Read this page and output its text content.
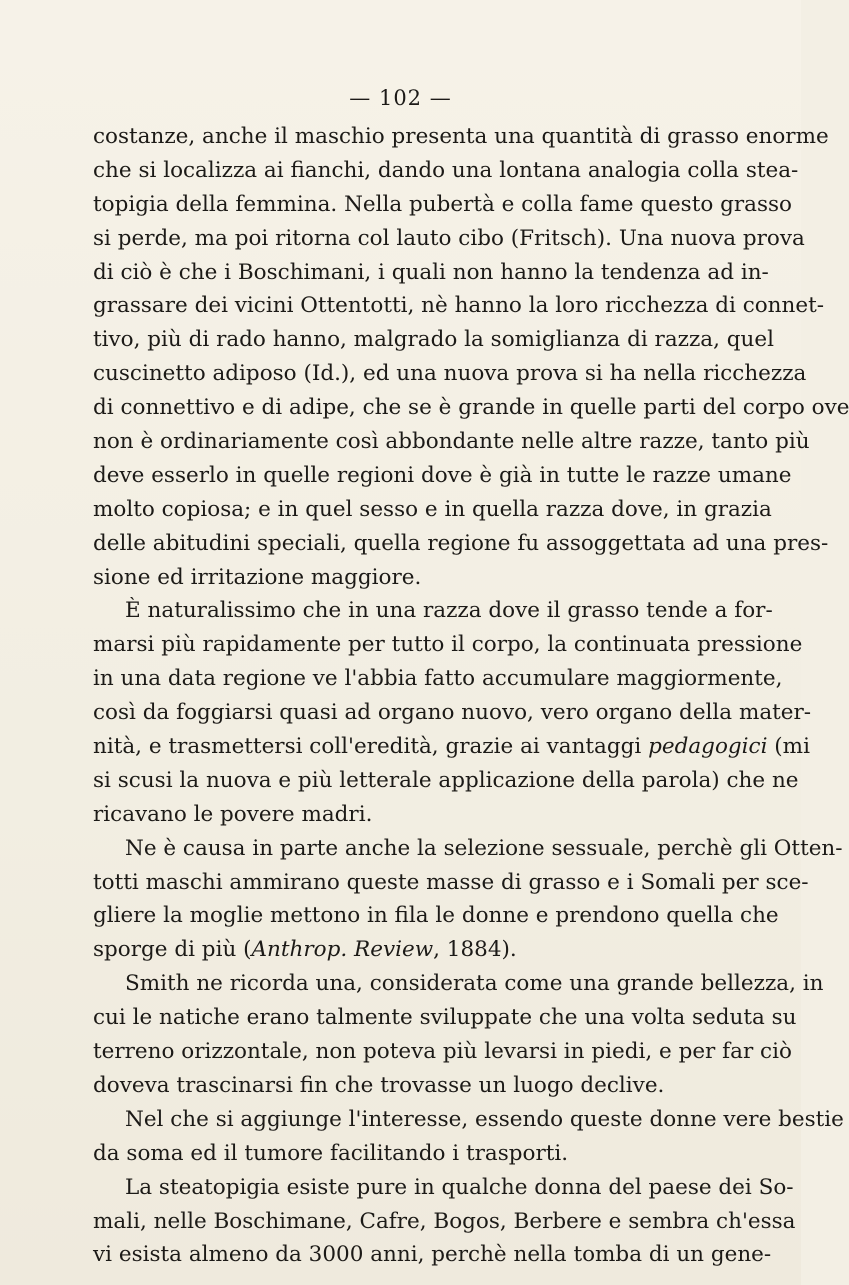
— 102 —
costanze, anche il maschio presenta una quantità di grasso enorme
che si localizza ai fianchi, dando una lontana analogia colla stea-
topigia della femmina. Nella pubertà e colla fame questo grasso
si perde, ma poi ritorna col lauto cibo (Fritsch). Una nuova prova
di ciò è che i Boschimani, i quali non hanno la tendenza ad in-
grassare dei vicini Ottentotti, nè hanno la loro ricchezza di connet-
tivo, più di rado hanno, malgrado la somiglianza di razza, quel
cuscinetto adiposo (Id.), ed una nuova prova si ha nella ricchezza
di connettivo e di adipe, che se è grande in quelle parti del corpo ove
non è ordinariamente così abbondante nelle altre razze, tanto più
deve esserlo in quelle regioni dove è già in tutte le razze umane
molto copiosa; e in quel sesso e in quella razza dove, in grazia
delle abitudini speciali, quella regione fu assoggettata ad una pres-
sione ed irritazione maggiore.
È naturalissimo che in una razza dove il grasso tende a for-
marsi più rapidamente per tutto il corpo, la continuata pressione
in una data regione ve l'abbia fatto accumulare maggiormente,
così da foggiarsi quasi ad organo nuovo, vero organo della mater-
nità, e trasmettersi coll'eredità, grazie ai vantaggi pedagogici (mi
si scusi la nuova e più letterale applicazione della parola) che ne
ricavano le povere madri.
Ne è causa in parte anche la selezione sessuale, perchè gli Otten-
totti maschi ammirano queste masse di grasso e i Somali per sce-
gliere la moglie mettono in fila le donne e prendono quella che
sporge di più (Anthrop. Review, 1884).
Smith ne ricorda una, considerata come una grande bellezza, in
cui le natiche erano talmente sviluppate che una volta seduta su
terreno orizzontale, non poteva più levarsi in piedi, e per far ciò
doveva trascinarsi fin che trovasse un luogo declive.
Nel che si aggiunge l'interesse, essendo queste donne vere bestie
da soma ed il tumore facilitando i trasporti.
La steatopigia esiste pure in qualche donna del paese dei So-
mali, nelle Boschimane, Cafre, Bogos, Berbere e sembra ch'essa
vi esista almeno da 3000 anni, perchè nella tomba di un gene-
